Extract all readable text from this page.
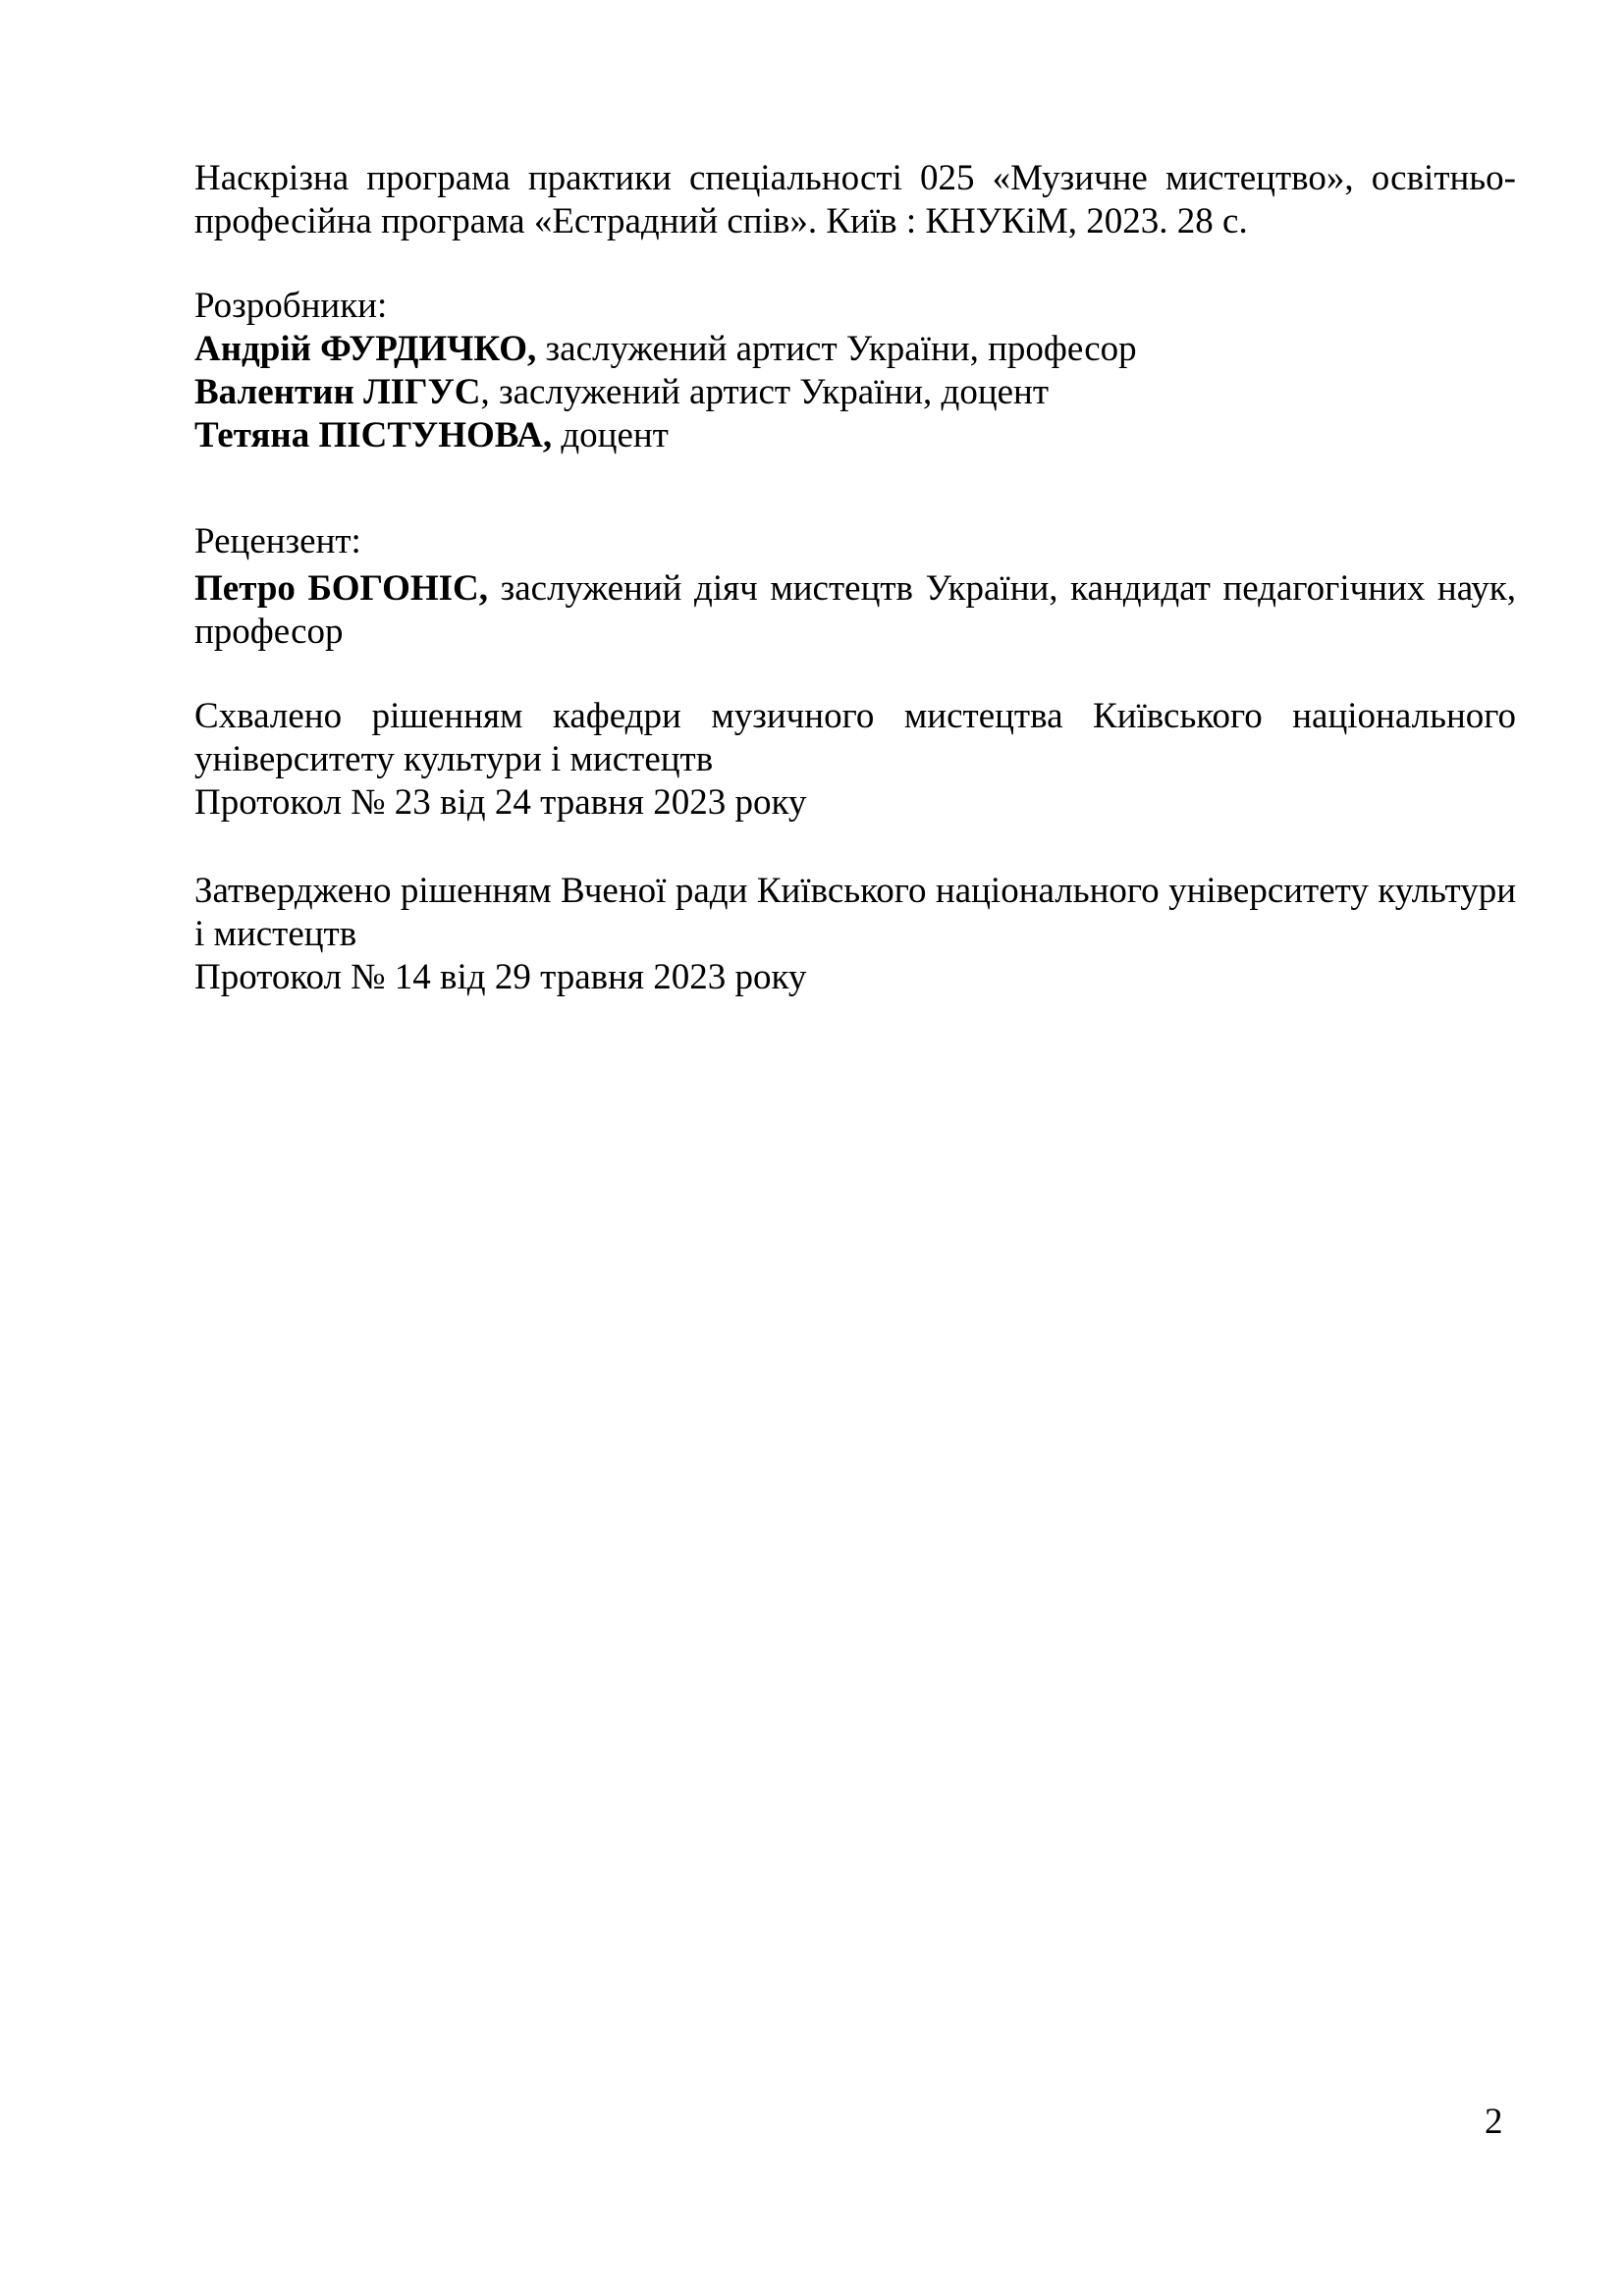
Наскрізна програма практики спеціальності 025 «Музичне мистецтво», освітньо-професійна програма «Естрадний спів». Київ : КНУКіМ, 2023. 28 с.

Розробники:

Андрій ФУРДИЧКО, заслужений артист України, професор

Валентин ЛІГУС, заслужений артист України, доцент

Тетяна ПІСТУНОВА, доцент

Рецензент:

Петро БОГОНІС, заслужений діяч мистецтв України, кандидат педагогічних наук, професор

Схвалено рішенням кафедри музичного мистецтва Київського національного університету культури і мистецтв

Протокол № 23 від 24 травня 2023 року

Затверджено рішенням Вченої ради Київського національного університету культури і мистецтв

Протокол № 14 від 29 травня 2023 року

2
